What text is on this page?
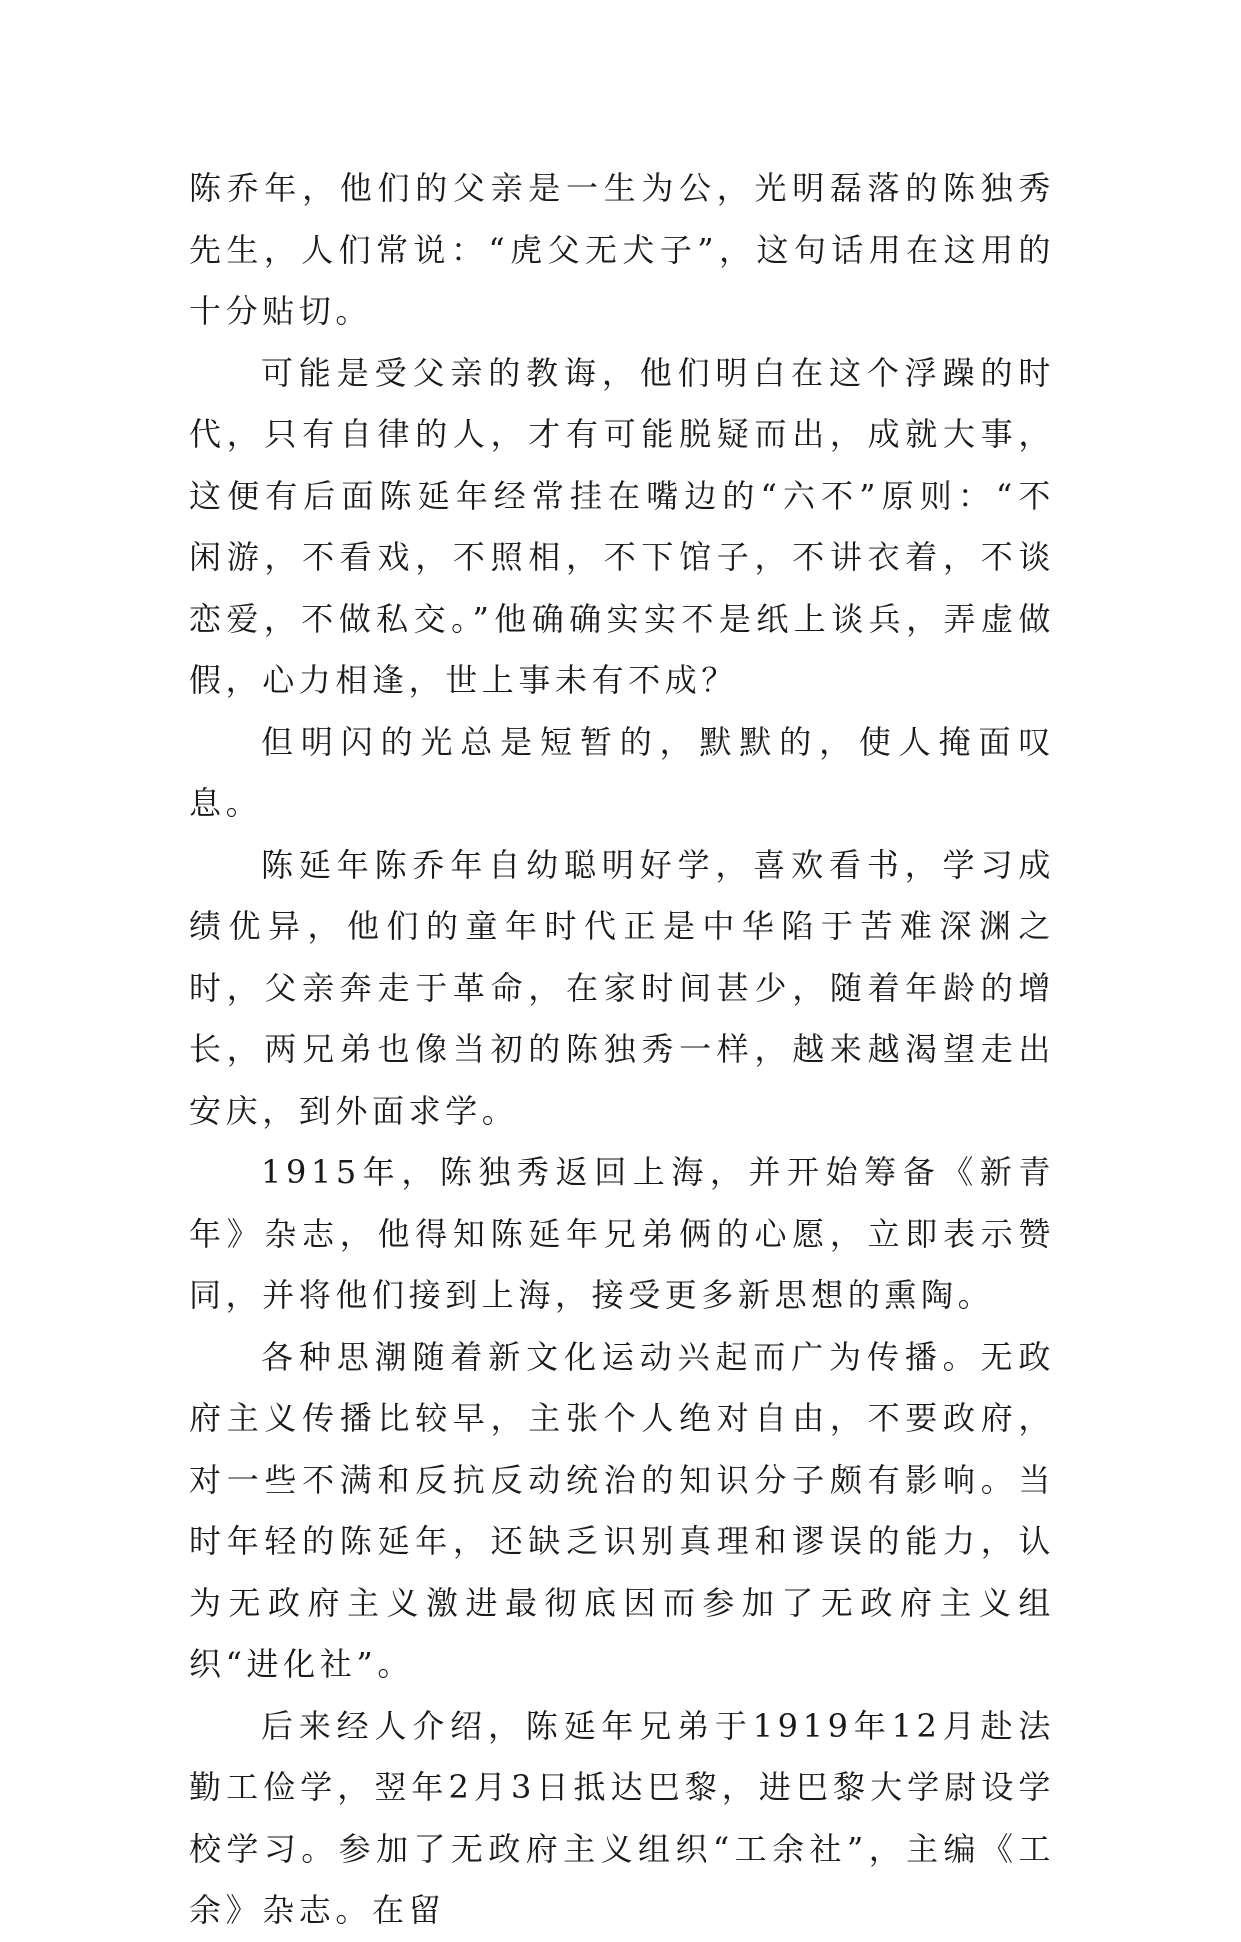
陈乔年，他们的父亲是一生为公，光明磊落的陈独秀先生，人们常说：“虎父无犬子”，这句话用在这用的十分贴切。

可能是受父亲的教诲，他们明白在这个浮躁的时代，只有自律的人，才有可能脱疑而出，成就大事，这便有后面陈延年经常挂在嘴边的“六不”原则：“不闲游，不看戏，不照相，不下馆子，不讲衣着，不谈恋爱，不做私交。”他确确实实不是纸上谈兵，弄虚做假，心力相逢，世上事未有不成？

但明闪的光总是短暂的，默默的，使人掩面叹息。

陈延年陈乔年自幼聪明好学，喜欢看书，学习成绩优异，他们的童年时代正是中华陷于苦难深渊之时，父亲奔走于革命，在家时间甚少，随着年龄的增长，两兄弟也像当初的陈独秀一样，越来越渴望走出安庆，到外面求学。

1915年，陈独秀返回上海，并开始筹备《新青年》杂志，他得知陈延年兄弟俩的心愿，立即表示赞同，并将他们接到上海，接受更多新思想的熏陶。

各种思潮随着新文化运动兴起而广为传播。无政府主义传播比较早，主张个人绝对自由，不要政府，对一些不满和反抗反动统治的知识分子颇有影响。当时年轻的陈延年，还缺乏识别真理和谬误的能力，认为无政府主义激进最彻底因而参加了无政府主义组织“进化社”。

后来经人介绍，陈延年兄弟于1919年12月赴法勤工俭学，翌年2月3日抵达巴黎，进巴黎大学尉设学校学习。参加了无政府主义组织“工余社”，主编《工余》杂志。在留
